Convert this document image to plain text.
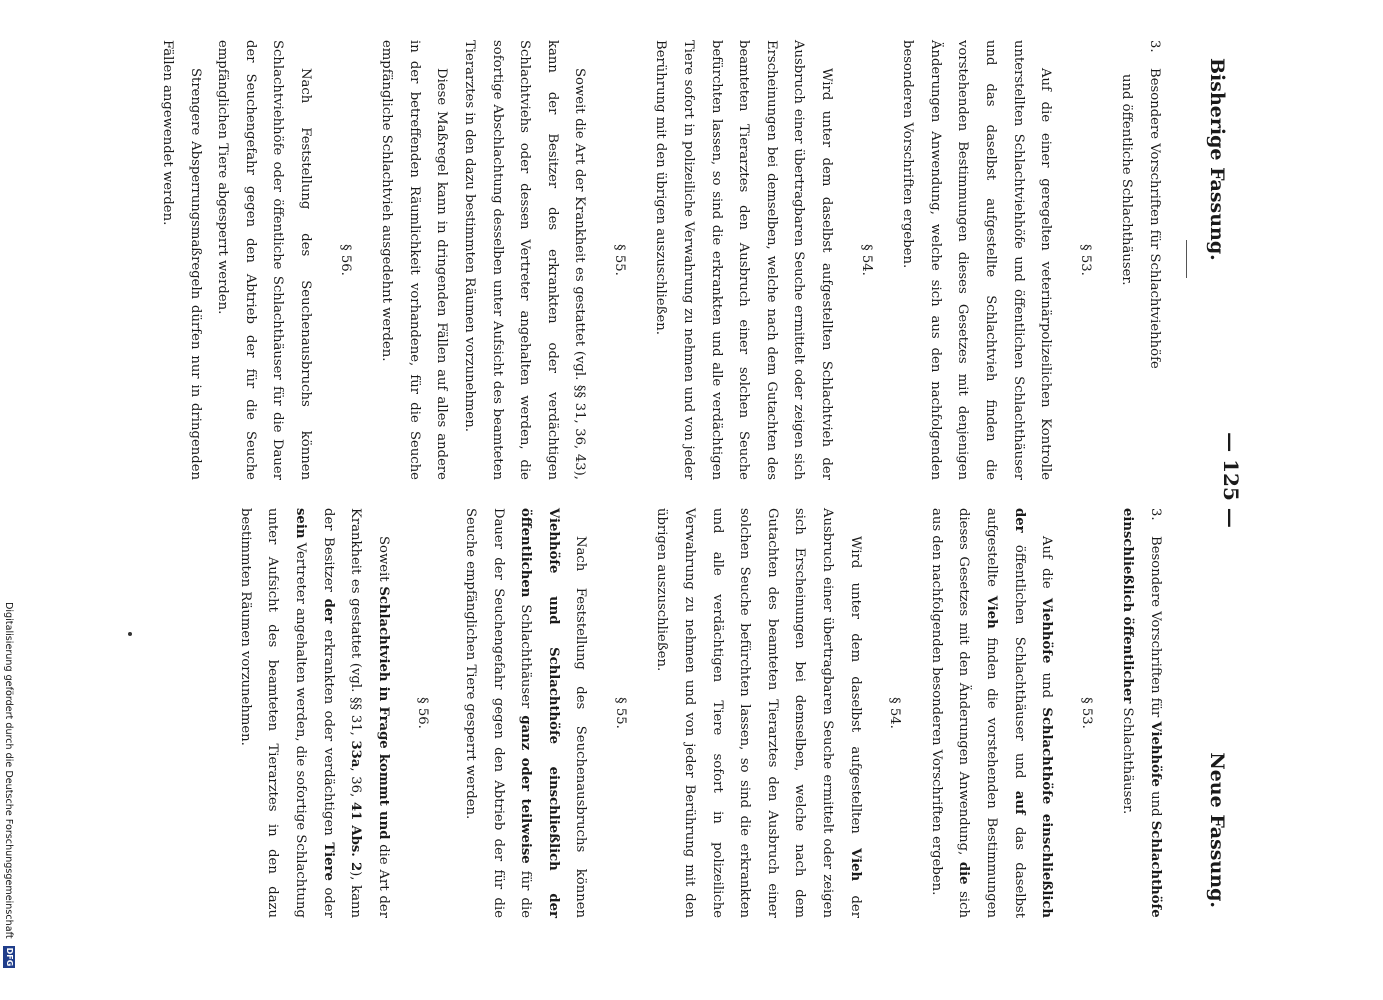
— 125 —
Bisherige Fassung.
3.Besondere Vorschriften für Schlachtviehhöfe
und öffentliche Schlachthäuser.
§ 53.

Auf die einer geregelten veterinärpolizeilichen Kontrolle unterstellten Schlachtviehhöfe und öffentlichen Schlachthäuser und das daselbst aufgestellte Schlachtvieh finden die vorstehenden Bestimmungen dieses Gesetzes mit denjenigen Änderungen Anwendung, welche sich aus den nachfolgenden besonderen Vorschriften ergeben.

§ 54.

Wird unter dem daselbst aufgestellten Schlachtvieh der Ausbruch einer übertragbaren Seuche ermittelt oder zeigen sich Erscheinungen bei demselben, welche nach dem Gutachten des beamteten Tierarztes den Ausbruch einer solchen Seuche befürchten lassen, so sind die erkrankten und alle verdächtigen Tiere sofort in polizeiliche Verwahrung zu nehmen und von jeder Berührung mit den übrigen auszuschließen.

§ 55.

Soweit die Art der Krankheit es gestattet (vgl. §§ 31, 36, 43), kann der Besitzer des erkrankten oder verdächtigen Schlachtviehs oder dessen Vertreter angehalten werden, die sofortige Abschlachtung desselben unter Aufsicht des beamteten Tierarztes in den dazu bestimmten Räumen vorzunehmen.

Diese Maßregel kann in dringenden Fällen auf alles andere in der betreffenden Räumlichkeit vorhandene, für die Seuche empfängliche Schlachtvieh ausgedehnt werden.

§ 56.

Nach Feststellung des Seuchenausbruchs können Schlachtviehhöfe oder öffentliche Schlachthäuser für die Dauer der Seuchengefahr gegen den Abtrieb der für die Seuche empfänglichen Tiere abgesperrt werden.

Strengere Absperrungsmaßregeln dürfen nur in dringenden Fällen angewendet werden.

Neue Fassung.
3.Besondere Vorschriften für Viehhöfe und Schlachthöfe einschließlich öffentlicher Schlachthäuser.
§ 53.

Auf die Viehhöfe und Schlachthöfe einschließlich der öffentlichen Schlachthäuser und auf das daselbst aufgestellte Vieh finden die vorstehenden Bestimmungen dieses Gesetzes mit den Änderungen Anwendung, die sich aus den nachfolgenden besonderen Vorschriften ergeben.

§ 54.

Wird unter dem daselbst aufgestellten Vieh der Ausbruch einer übertragbaren Seuche ermittelt oder zeigen sich Erscheinungen bei demselben, welche nach dem Gutachten des beamteten Tierarztes den Ausbruch einer solchen Seuche befürchten lassen, so sind die erkrankten und alle verdächtigen Tiere sofort in polizeiliche Verwahrung zu nehmen und von jeder Berührung mit den übrigen auszuschließen.

§ 55.

Nach Feststellung des Seuchenausbruchs können Viehhöfe und Schlachthöfe einschließlich der öffentlichen Schlachthäuser ganz oder teilweise für die Dauer der Seuchengefahr gegen den Abtrieb der für die Seuche empfänglichen Tiere gesperrt werden.

§ 56.

Soweit Schlachtvieh in Frage kommt und die Art der Krankheit es gestattet (vgl. §§ 31, 33a, 36, 41 Abs. 2), kann der Besitzer der erkrankten oder verdächtigen Tiere oder sein Vertreter angehalten werden, die sofortige Schlachtung unter Aufsicht des beamteten Tierarztes in den dazu bestimmten Räumen vorzunehmen.

Digitalisierung gefördert durch die Deutsche Forschungsgemeinschaft DFG
